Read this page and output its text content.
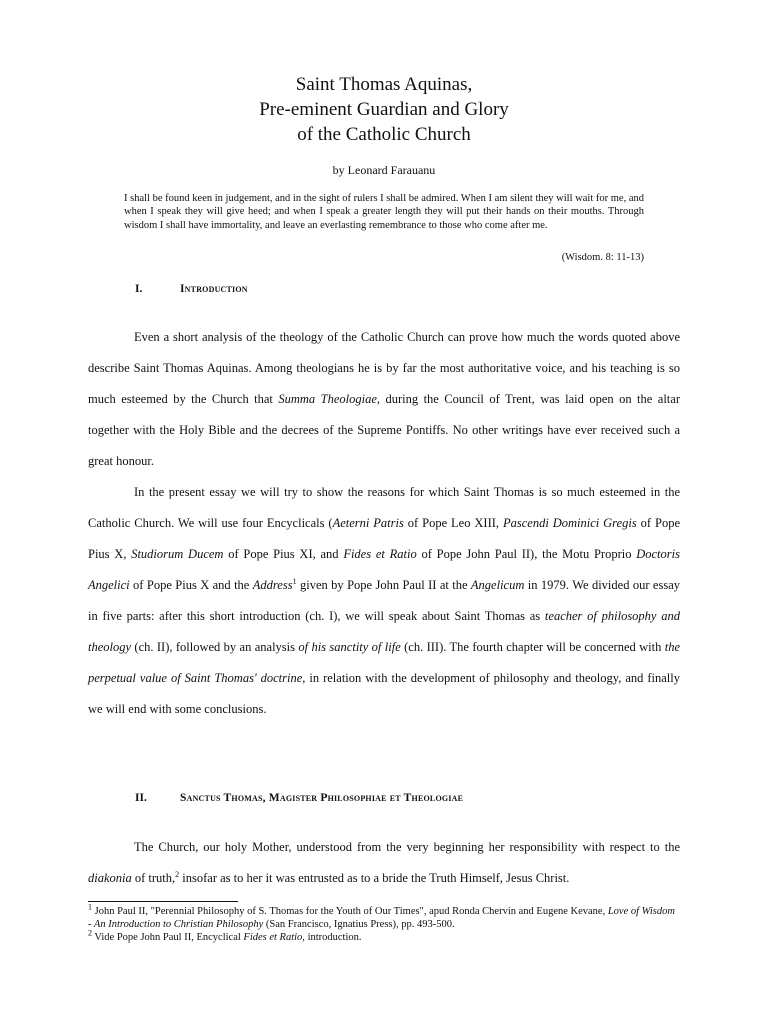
Saint Thomas Aquinas,
Pre-eminent Guardian and Glory
of the Catholic Church
by Leonard Farauanu
I shall be found keen in judgement, and in the sight of rulers I shall be admired. When I am silent they will wait for me, and when I speak they will give heed; and when I speak a greater length they will put their hands on their mouths. Through wisdom I shall have immortality, and leave an everlasting remembrance to those who come after me.
(Wisdom. 8: 11-13)
I.	Introduction

Even a short analysis of the theology of the Catholic Church can prove how much the words quoted above describe Saint Thomas Aquinas. Among theologians he is by far the most authoritative voice, and his teaching is so much esteemed by the Church that Summa Theologiae, during the Council of Trent, was laid open on the altar together with the Holy Bible and the decrees of the Supreme Pontiffs. No other writings have ever received such a great honour.

In the present essay we will try to show the reasons for which Saint Thomas is so much esteemed in the Catholic Church. We will use four Encyclicals (Aeterni Patris of Pope Leo XIII, Pascendi Dominici Gregis of Pope Pius X, Studiorum Ducem of Pope Pius XI, and Fides et Ratio of Pope John Paul II), the Motu Proprio Doctoris Angelici of Pope Pius X and the Address$^1$ given by Pope John Paul II at the Angelicum in 1979. We divided our essay in five parts: after this short introduction (ch. I), we will speak about Saint Thomas as teacher of philosophy and theology (ch. II), followed by an analysis of his sanctity of life (ch. III). The fourth chapter will be concerned with the perpetual value of Saint Thomas' doctrine, in relation with the development of philosophy and theology, and finally we will end with some conclusions.

II.	Sanctus Thomas, Magister Philosophiae et Theologiae

The Church, our holy Mother, understood from the very beginning her responsibility with respect to the diakonia of truth,$^2$ insofar as to her it was entrusted as to a bride the Truth Himself, Jesus Christ.

$^1$ John Paul II, "Perennial Philosophy of S. Thomas for the Youth of Our Times", apud Ronda Chervin and Eugene Kevane, Love of Wisdom - An Introduction to Christian Philosophy (San Francisco, Ignatius Press), pp. 493-500.

$^2$ Vide Pope John Paul II, Encyclical Fides et Ratio, introduction.
